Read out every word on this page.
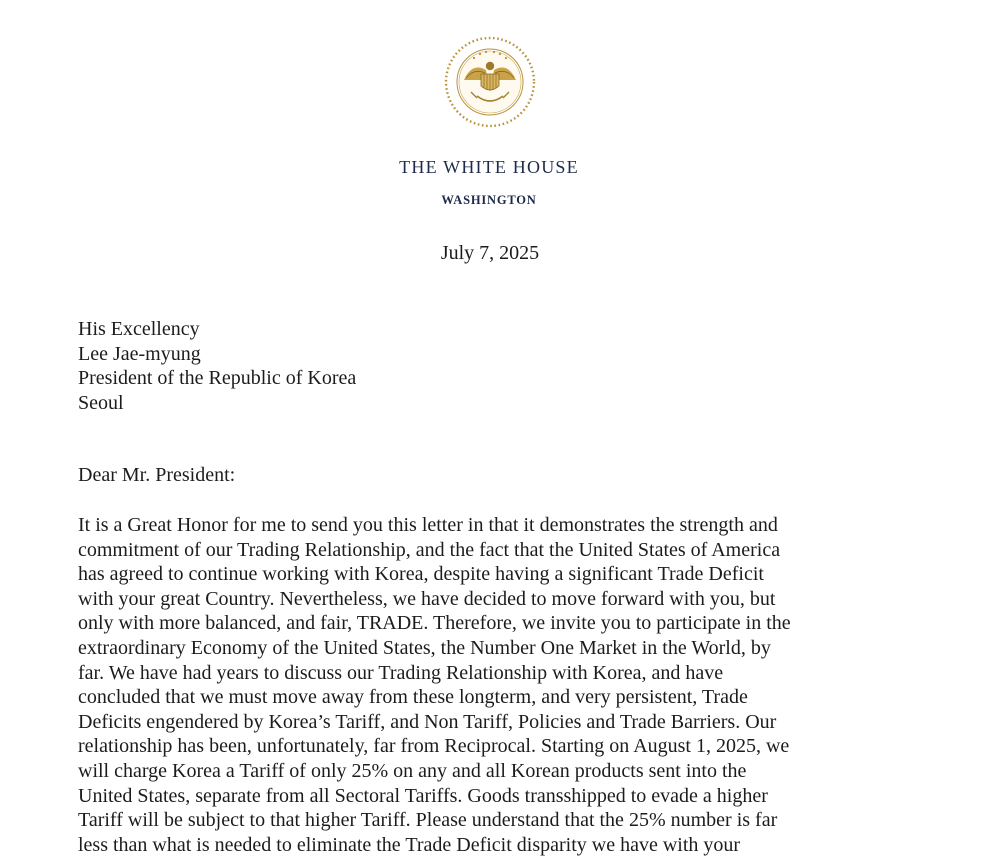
THE WHITE HOUSE
WASHINGTON
July 7, 2025
His Excellency
Lee Jae-myung
President of the Republic of Korea
Seoul
Dear Mr. President:
It is a Great Honor for me to send you this letter in that it demonstrates the strength and
commitment of our Trading Relationship, and the fact that the United States of America
has agreed to continue working with Korea, despite having a significant Trade Deficit
with your great Country. Nevertheless, we have decided to move forward with you, but
only with more balanced, and fair, TRADE. Therefore, we invite you to participate in the
extraordinary Economy of the United States, the Number One Market in the World, by
far. We have had years to discuss our Trading Relationship with Korea, and have
concluded that we must move away from these longterm, and very persistent, Trade
Deficits engendered by Korea’s Tariff, and Non Tariff, Policies and Trade Barriers. Our
relationship has been, unfortunately, far from Reciprocal. Starting on August 1, 2025, we
will charge Korea a Tariff of only 25% on any and all Korean products sent into the
United States, separate from all Sectoral Tariffs. Goods transshipped to evade a higher
Tariff will be subject to that higher Tariff. Please understand that the 25% number is far
less than what is needed to eliminate the Trade Deficit disparity we have with your
